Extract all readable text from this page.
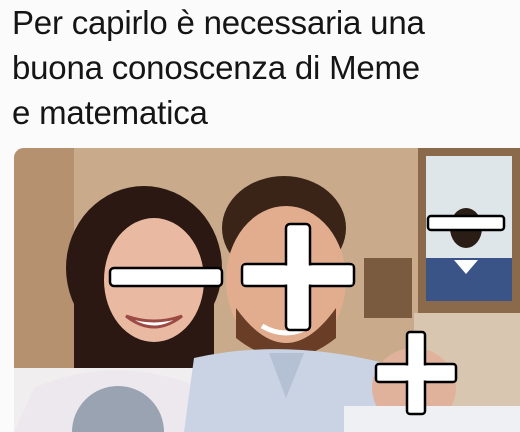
Per capirlo è necessaria una
buona conoscenza di Meme
e matematica
